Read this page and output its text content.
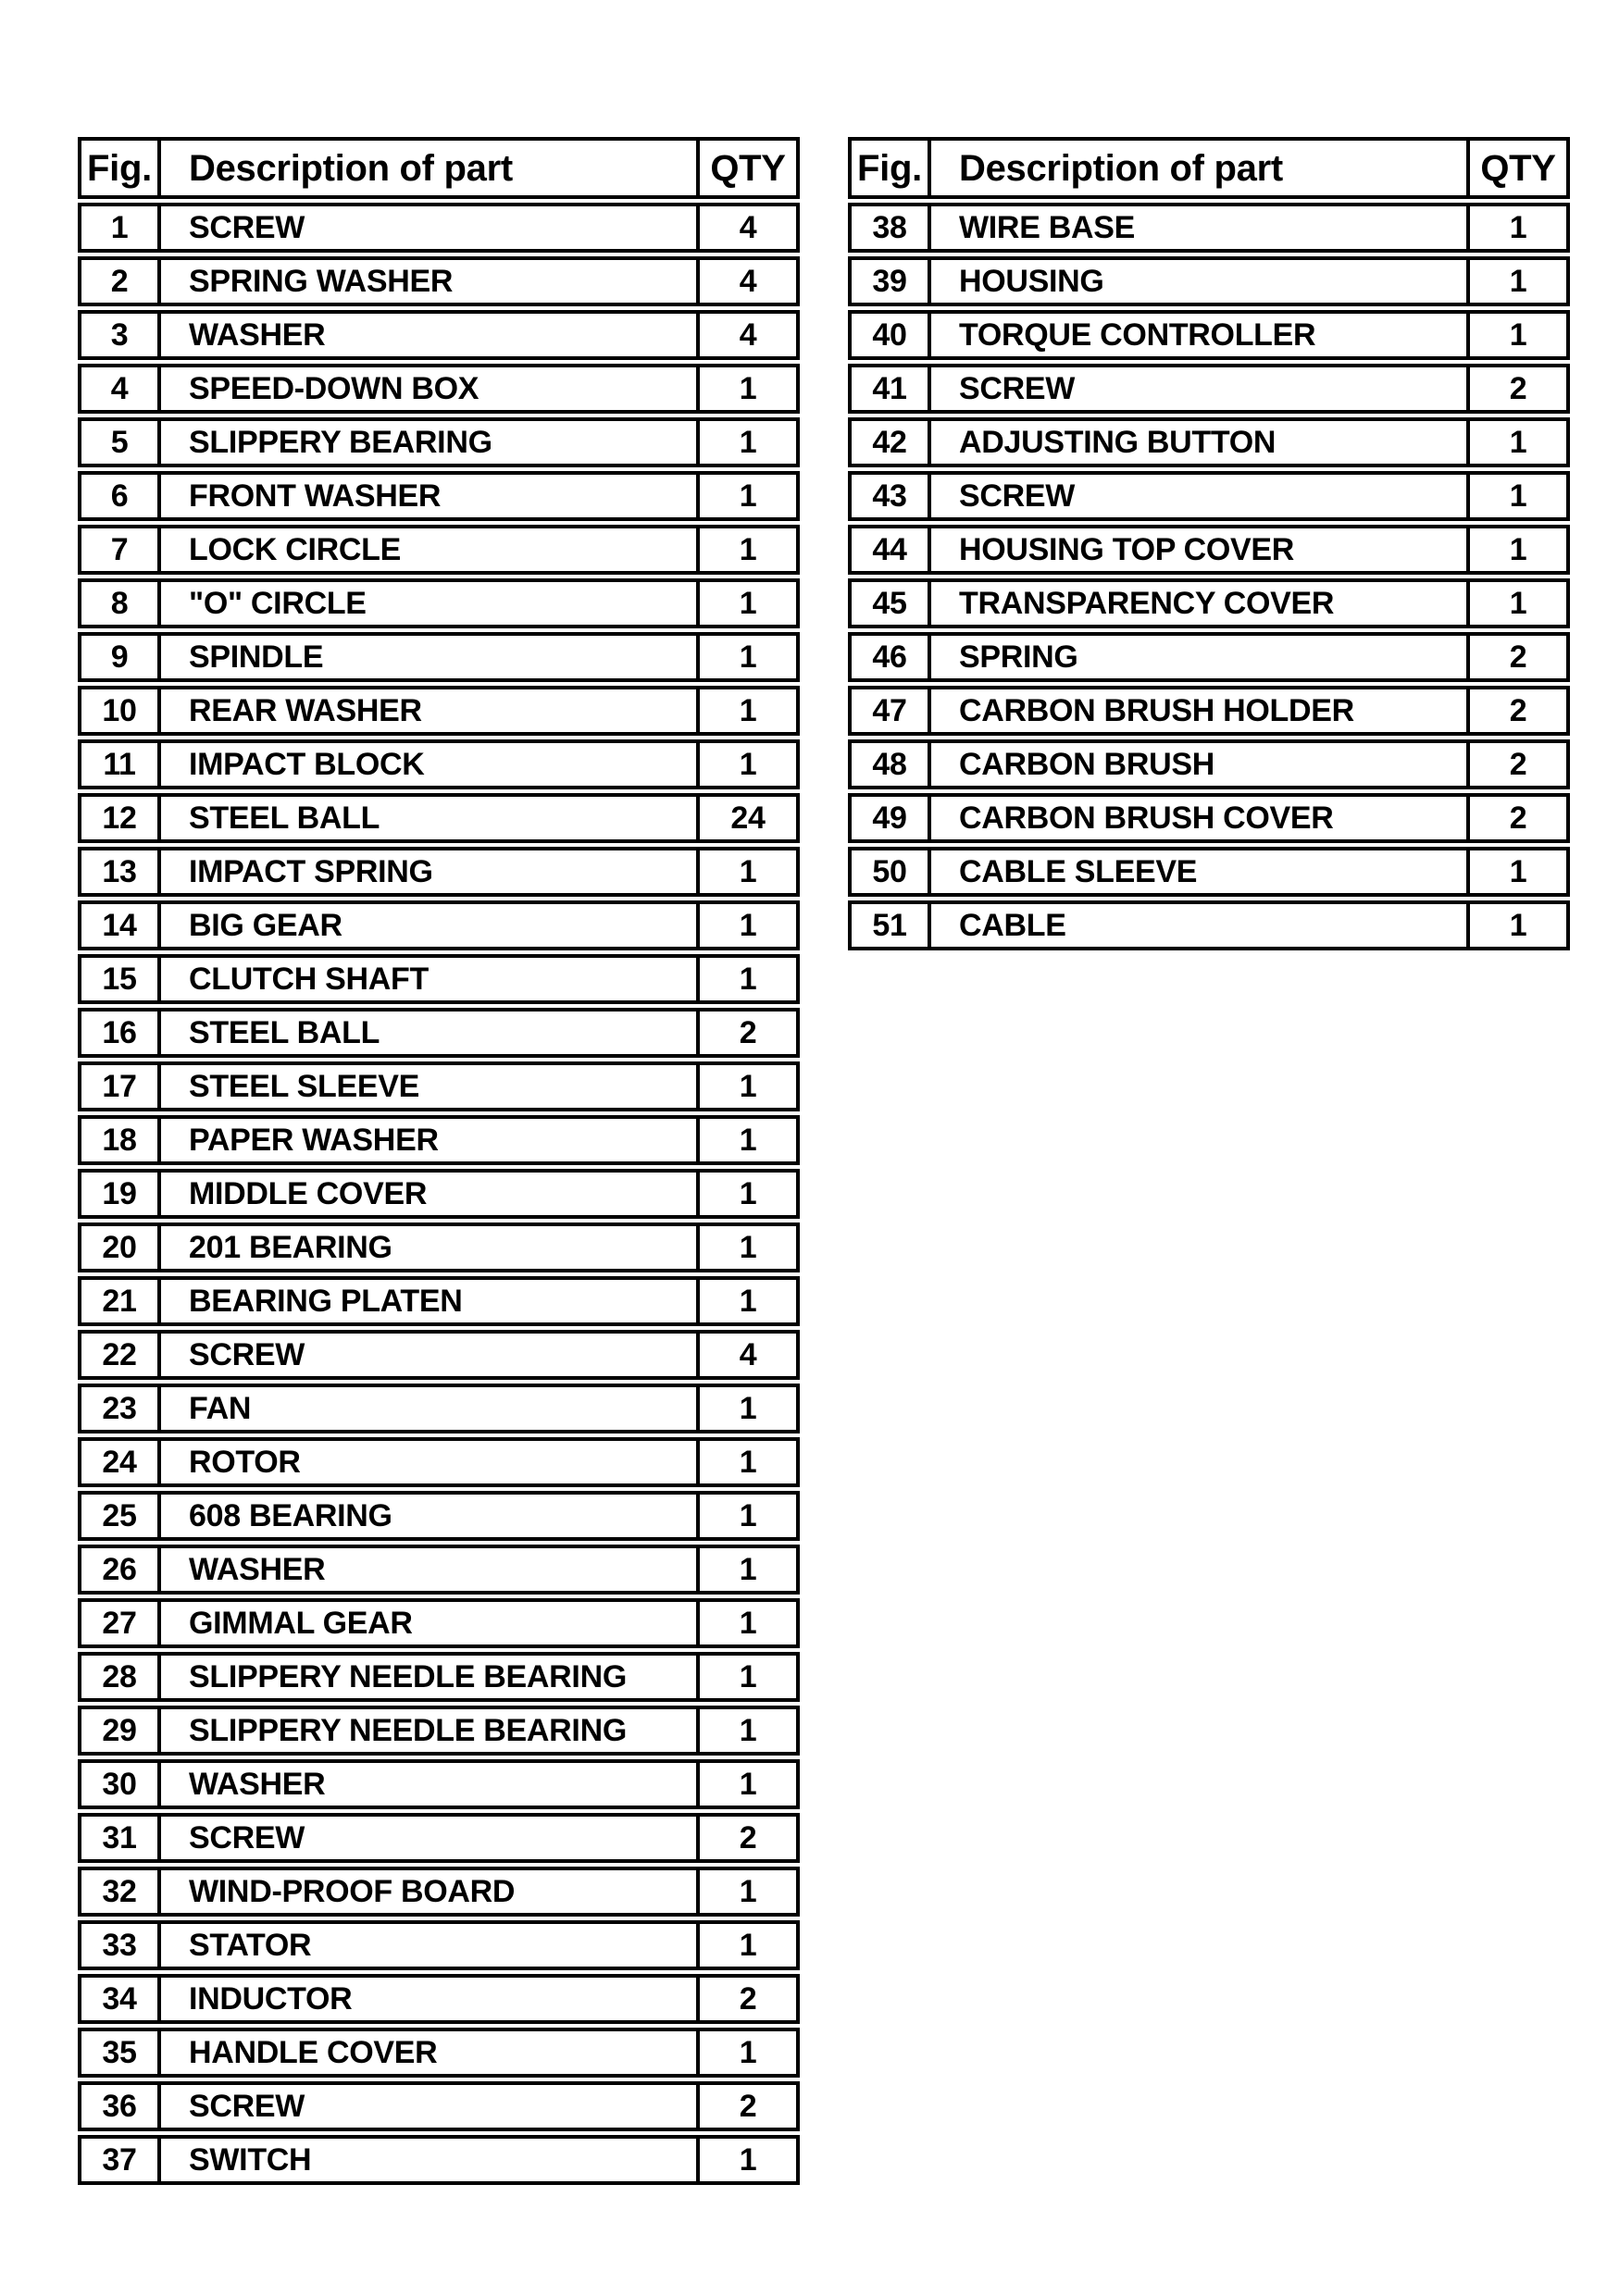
Fig.	Description of part	QTY
1	SCREW	4
2	SPRING WASHER	4
3	WASHER	4
4	SPEED-DOWN BOX	1
5	SLIPPERY BEARING	1
6	FRONT WASHER	1
7	LOCK CIRCLE	1
8	"O" CIRCLE	1
9	SPINDLE	1
10	REAR WASHER	1
11	IMPACT BLOCK	1
12	STEEL BALL	24
13	IMPACT SPRING	1
14	BIG GEAR	1
15	CLUTCH SHAFT	1
16	STEEL BALL	2
17	STEEL SLEEVE	1
18	PAPER WASHER	1
19	MIDDLE COVER	1
20	201 BEARING	1
21	BEARING PLATEN	1
22	SCREW	4
23	FAN	1
24	ROTOR	1
25	608 BEARING	1
26	WASHER	1
27	GIMMAL GEAR	1
28	SLIPPERY NEEDLE BEARING	1
29	SLIPPERY NEEDLE BEARING	1
30	WASHER	1
31	SCREW	2
32	WIND-PROOF BOARD	1
33	STATOR	1
34	INDUCTOR	2
35	HANDLE COVER	1
36	SCREW	2
37	SWITCH	1
Fig.	Description of part	QTY
38	WIRE BASE	1
39	HOUSING	1
40	TORQUE CONTROLLER	1
41	SCREW	2
42	ADJUSTING BUTTON	1
43	SCREW	1
44	HOUSING TOP COVER	1
45	TRANSPARENCY COVER	1
46	SPRING	2
47	CARBON BRUSH HOLDER	2
48	CARBON BRUSH	2
49	CARBON BRUSH COVER	2
50	CABLE SLEEVE	1
51	CABLE	1
